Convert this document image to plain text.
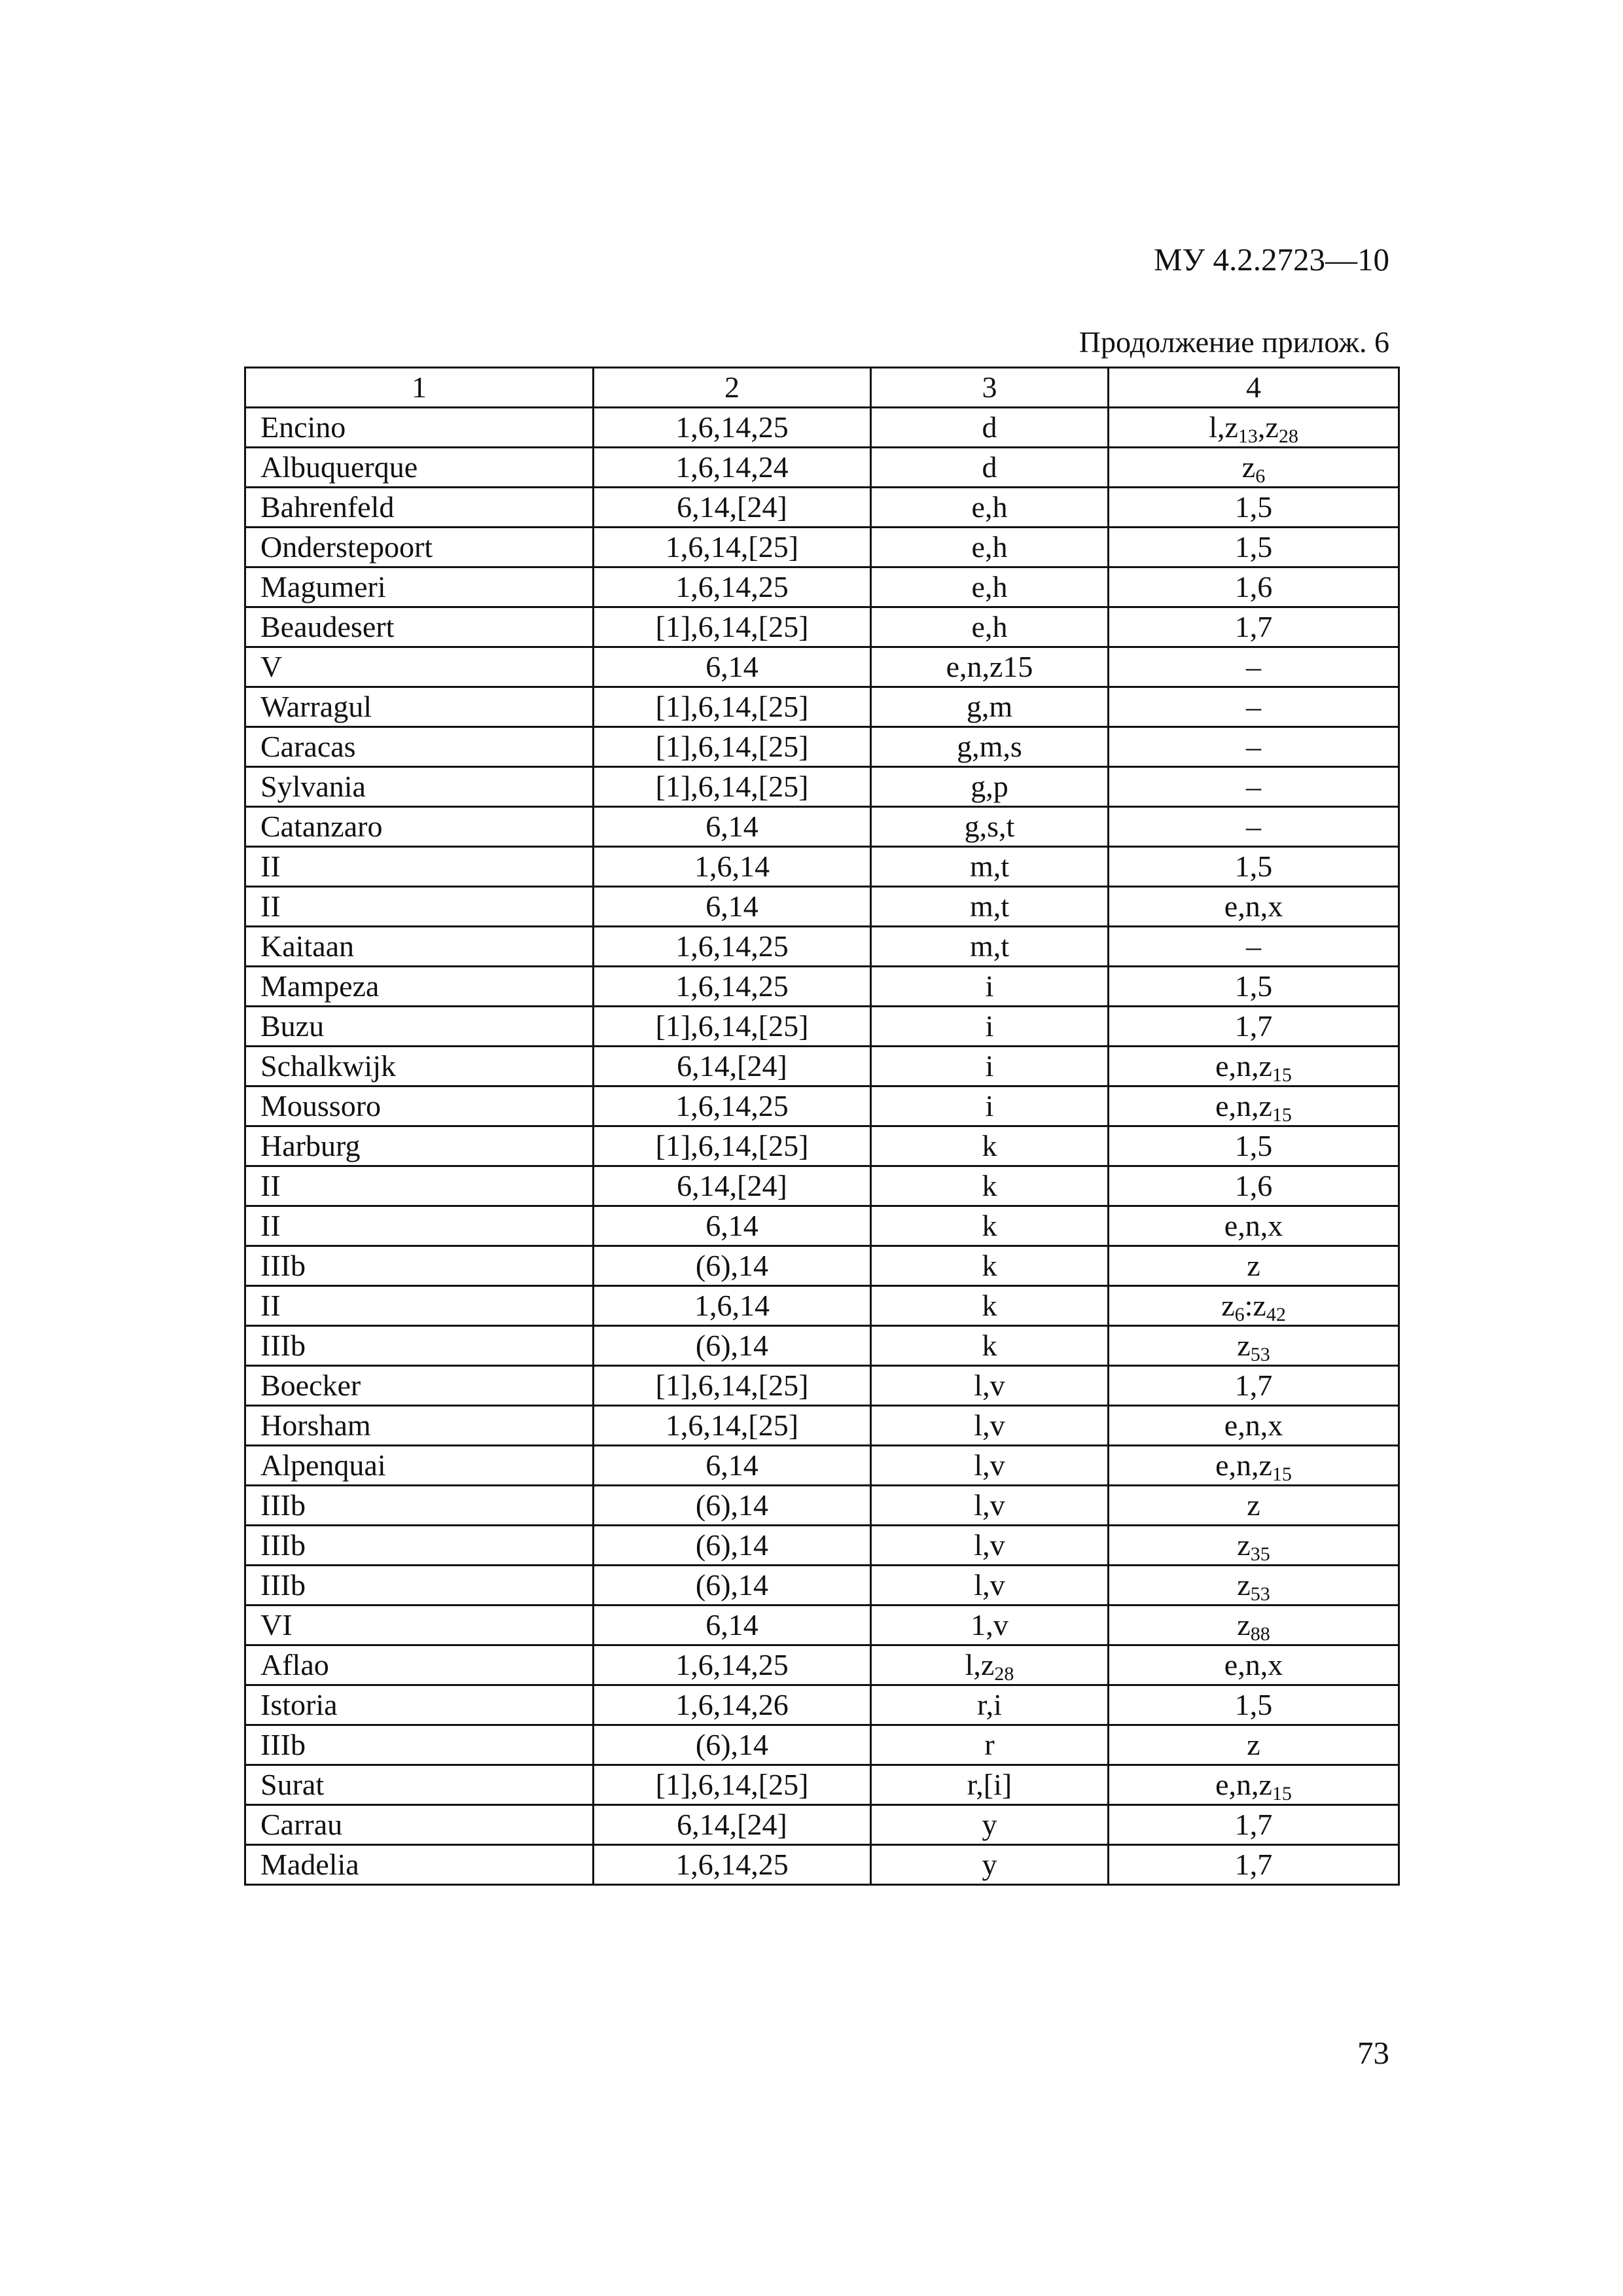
МУ 4.2.2723—10
Продолжение прилож. 6
1	2	3	4
Encino	1,6,14,25	d	$l,z_{13},z_{28}$
Albuquerque	1,6,14,24	d	$z_6$
Bahrenfeld	6,14,[24]	e,h	1,5
Onderstepoort	1,6,14,[25]	e,h	1,5
Magumeri	1,6,14,25	e,h	1,6
Beaudesert	[1],6,14,[25]	e,h	1,7
V	6,14	e,n,z15	–
Warragul	[1],6,14,[25]	g,m	–
Caracas	[1],6,14,[25]	g,m,s	–
Sylvania	[1],6,14,[25]	g,p	–
Catanzaro	6,14	g,s,t	–
II	1,6,14	m,t	1,5
II	6,14	m,t	e,n,x
Kaitaan	1,6,14,25	m,t	–
Mampeza	1,6,14,25	i	1,5
Buzu	[1],6,14,[25]	i	1,7
Schalkwijk	6,14,[24]	i	$e,n,z_{15}$
Moussoro	1,6,14,25	i	$e,n,z_{15}$
Harburg	[1],6,14,[25]	k	1,5
II	6,14,[24]	k	1,6
II	6,14	k	e,n,x
IIIb	(6),14	k	z
II	1,6,14	k	$z_6:z_{42}$
IIIb	(6),14	k	$z_{53}$
Boecker	[1],6,14,[25]	l,v	1,7
Horsham	1,6,14,[25]	l,v	e,n,x
Alpenquai	6,14	l,v	$e,n,z_{15}$
IIIb	(6),14	l,v	z
IIIb	(6),14	l,v	$z_{35}$
IIIb	(6),14	l,v	$z_{53}$
VI	6,14	1,v	$z_{88}$
Aflao	1,6,14,25	$l,z_{28}$	e,n,x
Istoria	1,6,14,26	r,i	1,5
IIIb	(6),14	r	z
Surat	[1],6,14,[25]	r,[i]	$e,n,z_{15}$
Carrau	6,14,[24]	y	1,7
Madelia	1,6,14,25	y	1,7
73
